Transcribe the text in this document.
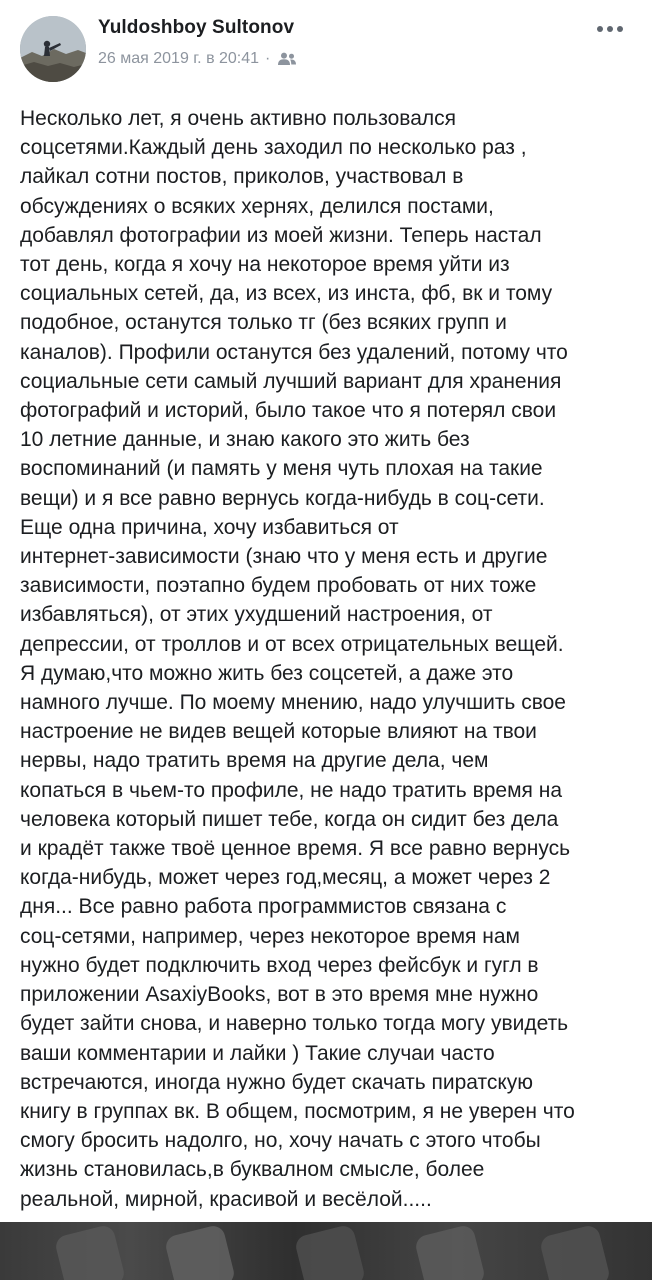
Yuldoshboy Sultonov
26 мая 2019 г. в 20:41 ·

Несколько лет, я очень активно пользовался
соцсетями.Каждый день заходил по несколько раз ,
лайкал сотни постов, приколов, участвовал в
обсуждениях о всяких хернях, делился постами,
добавлял фотографии из моей жизни. Теперь настал
тот день, когда я хочу на некоторое время уйти из
социальных сетей, да, из всех, из инста, фб, вк и тому
подобное, останутся только тг (без всяких групп и
каналов). Профили останутся без удалений, потому что
социальные сети самый лучший вариант для хранения
фотографий и историй, было такое что я потерял свои
10 летние данные, и знаю какого это жить без
воспоминаний (и память у меня чуть плохая на такие
вещи) и я все равно вернусь когда-нибудь в соц-сети.
Еще одна причина, хочу избавиться от
интернет-зависимости (знаю что у меня есть и другие
зависимости, поэтапно будем пробовать от них тоже
избавляться), от этих ухудшений настроения, от
депрессии, от троллов и от всех отрицательных вещей.
Я думаю,что можно жить без соцсетей, а даже это
намного лучше. По моему мнению, надо улучшить свое
настроение не видев вещей которые влияют на твои
нервы, надо тратить время на другие дела, чем
копаться в чьем-то профиле, не надо тратить время на
человека который пишет тебе, когда он сидит без дела
и крадёт также твоё ценное время. Я все равно вернусь
когда-нибудь, может через год,месяц, а может через 2
дня... Все равно работа программистов связана с
соц-сетями, например, через некоторое время нам
нужно будет подключить вход через фейсбук и гугл в
приложении AsaxiyBooks, вот в это время мне нужно
будет зайти снова, и наверно только тогда могу увидеть
ваши комментарии и лайки ) Такие случаи часто
встречаются, иногда нужно будет скачать пиратскую
книгу в группах вк. В общем, посмотрим, я не уверен что
смогу бросить надолго, но, хочу начать с этого чтобы
жизнь становилась,в буквалном смысле, более
реальной, мирной, красивой и весёлой.....
